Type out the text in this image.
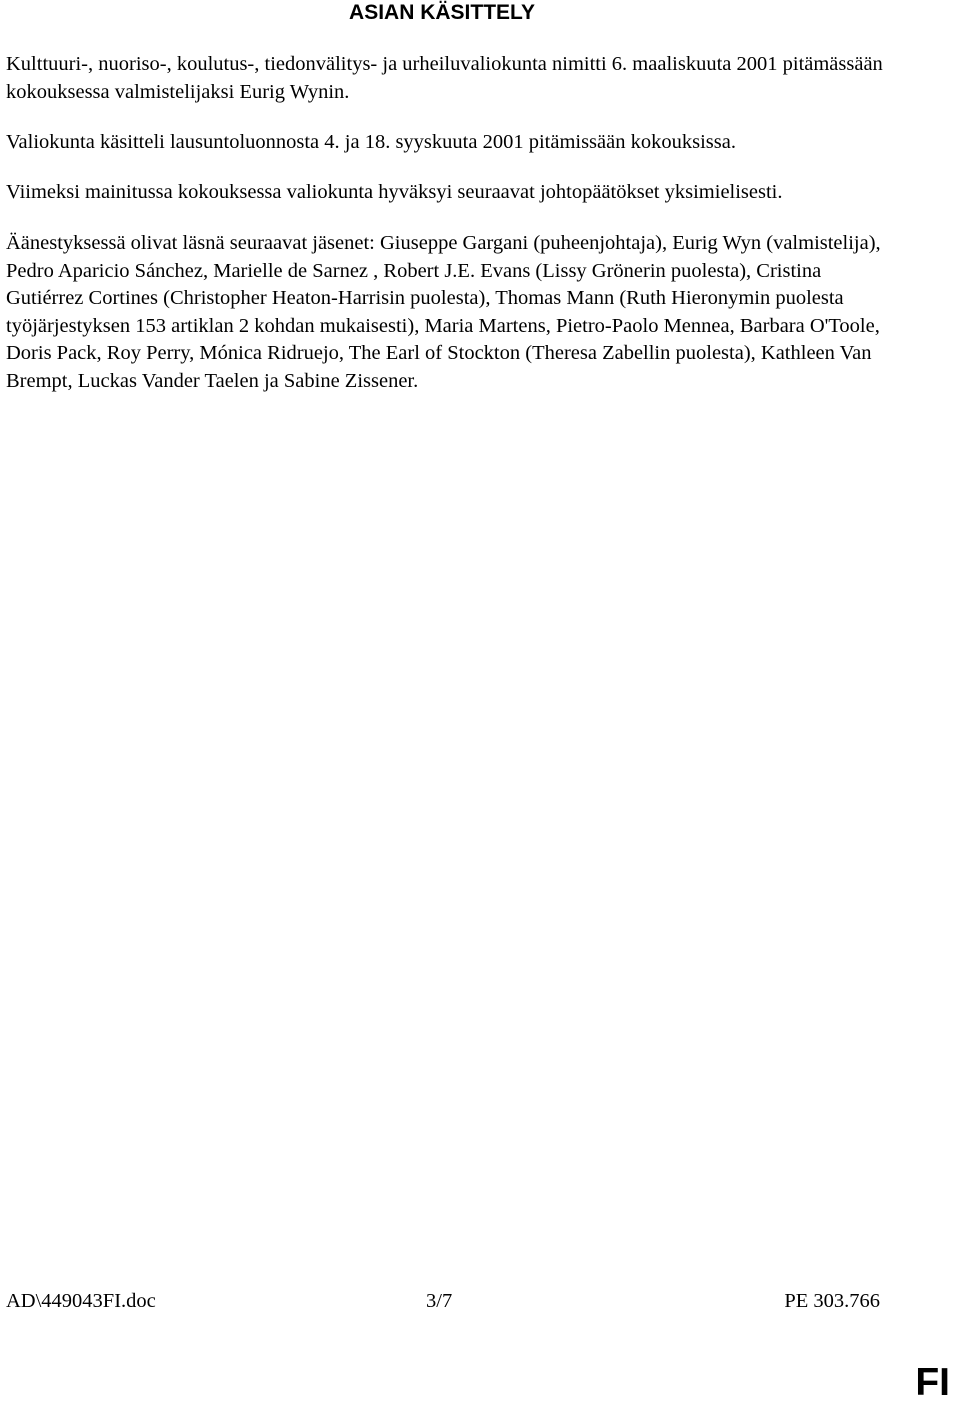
ASIAN KÄSITTELY

Kulttuuri-, nuoriso-, koulutus-, tiedonvälitys- ja urheiluvaliokunta nimitti 6. maaliskuuta 2001 pitämässään kokouksessa valmistelijaksi Eurig Wynin.

Valiokunta käsitteli lausuntoluonnosta 4. ja 18. syyskuuta 2001 pitämissään kokouksissa.

Viimeksi mainitussa kokouksessa valiokunta hyväksyi seuraavat johtopäätökset yksimielisesti.

Äänestyksessä olivat läsnä seuraavat jäsenet: Giuseppe Gargani (puheenjohtaja), Eurig Wyn (valmistelija), Pedro Aparicio Sánchez, Marielle de Sarnez , Robert J.E. Evans (Lissy Grönerin puolesta), Cristina Gutiérrez Cortines (Christopher Heaton-Harrisin puolesta), Thomas Mann (Ruth Hieronymin puolesta työjärjestyksen 153 artiklan 2 kohdan mukaisesti), Maria Martens, Pietro-Paolo Mennea, Barbara O'Toole, Doris Pack, Roy Perry, Mónica Ridruejo, The Earl of Stockton (Theresa Zabellin puolesta), Kathleen Van Brempt, Luckas Vander Taelen ja Sabine Zissener.

AD\449043FI.doc	3/7	PE 303.766
FI
